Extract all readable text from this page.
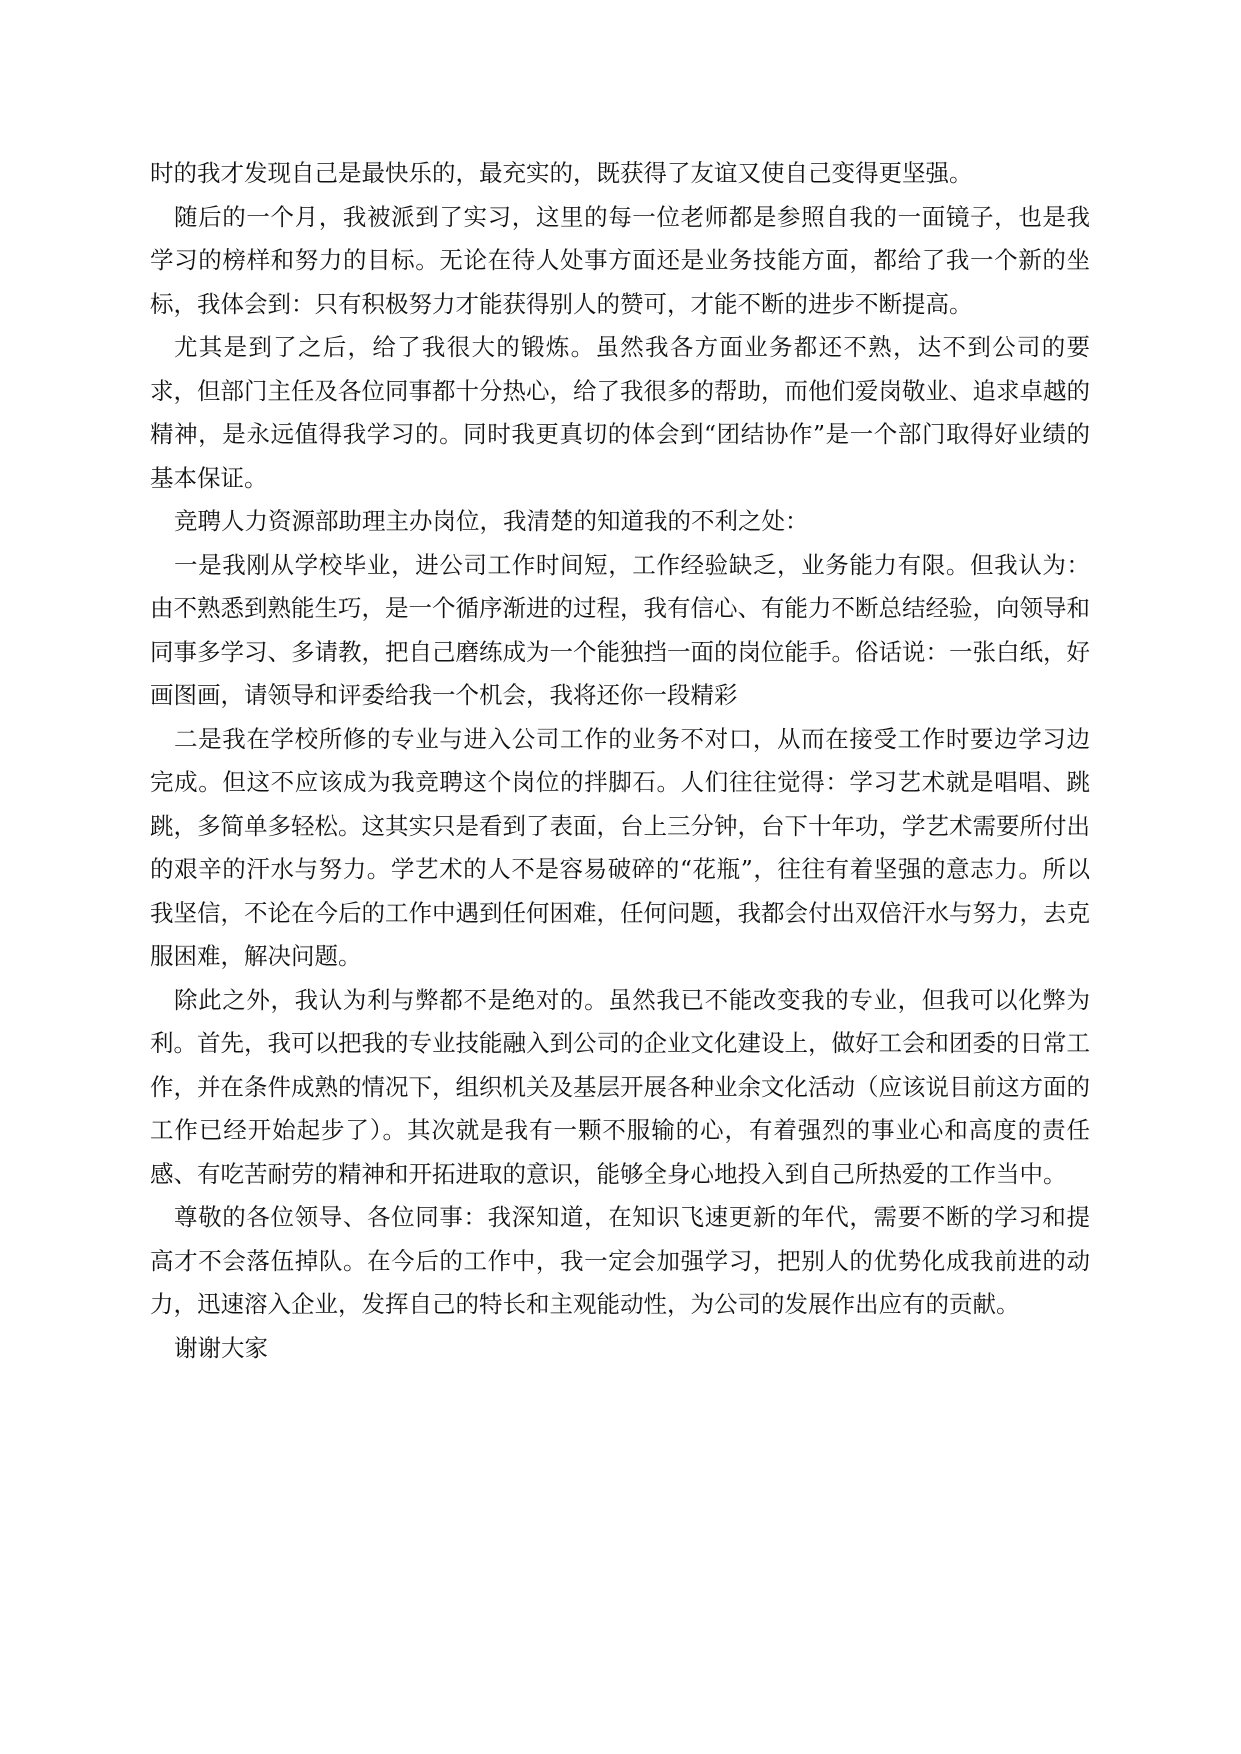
时的我才发现自己是最快乐的，最充实的，既获得了友谊又使自己变得更坚强。

随后的一个月，我被派到了实习，这里的每一位老师都是参照自我的一面镜子，也是我学习的榜样和努力的目标。无论在待人处事方面还是业务技能方面，都给了我一个新的坐标，我体会到：只有积极努力才能获得别人的赞可，才能不断的进步不断提高。

尤其是到了之后，给了我很大的锻炼。虽然我各方面业务都还不熟，达不到公司的要求，但部门主任及各位同事都十分热心，给了我很多的帮助，而他们爱岗敬业、追求卓越的精神，是永远值得我学习的。同时我更真切的体会到“团结协作”是一个部门取得好业绩的基本保证。

竞聘人力资源部助理主办岗位，我清楚的知道我的不利之处：

一是我刚从学校毕业，进公司工作时间短，工作经验缺乏，业务能力有限。但我认为：由不熟悉到熟能生巧，是一个循序渐进的过程，我有信心、有能力不断总结经验，向领导和同事多学习、多请教，把自己磨练成为一个能独挡一面的岗位能手。俗话说：一张白纸，好画图画，请领导和评委给我一个机会，我将还你一段精彩

二是我在学校所修的专业与进入公司工作的业务不对口，从而在接受工作时要边学习边完成。但这不应该成为我竞聘这个岗位的拌脚石。人们往往觉得：学习艺术就是唱唱、跳跳，多简单多轻松。这其实只是看到了表面，台上三分钟，台下十年功，学艺术需要所付出的艰辛的汗水与努力。学艺术的人不是容易破碎的“花瓶”，往往有着坚强的意志力。所以我坚信，不论在今后的工作中遇到任何困难，任何问题，我都会付出双倍汗水与努力，去克服困难，解决问题。

除此之外，我认为利与弊都不是绝对的。虽然我已不能改变我的专业，但我可以化弊为利。首先，我可以把我的专业技能融入到公司的企业文化建设上，做好工会和团委的日常工作，并在条件成熟的情况下，组织机关及基层开展各种业余文化活动（应该说目前这方面的工作已经开始起步了）。其次就是我有一颗不服输的心，有着强烈的事业心和高度的责任感、有吃苦耐劳的精神和开拓进取的意识，能够全身心地投入到自己所热爱的工作当中。

尊敬的各位领导、各位同事：我深知道，在知识飞速更新的年代，需要不断的学习和提高才不会落伍掉队。在今后的工作中，我一定会加强学习，把别人的优势化成我前进的动力，迅速溶入企业，发挥自己的特长和主观能动性，为公司的发展作出应有的贡献。

谢谢大家
